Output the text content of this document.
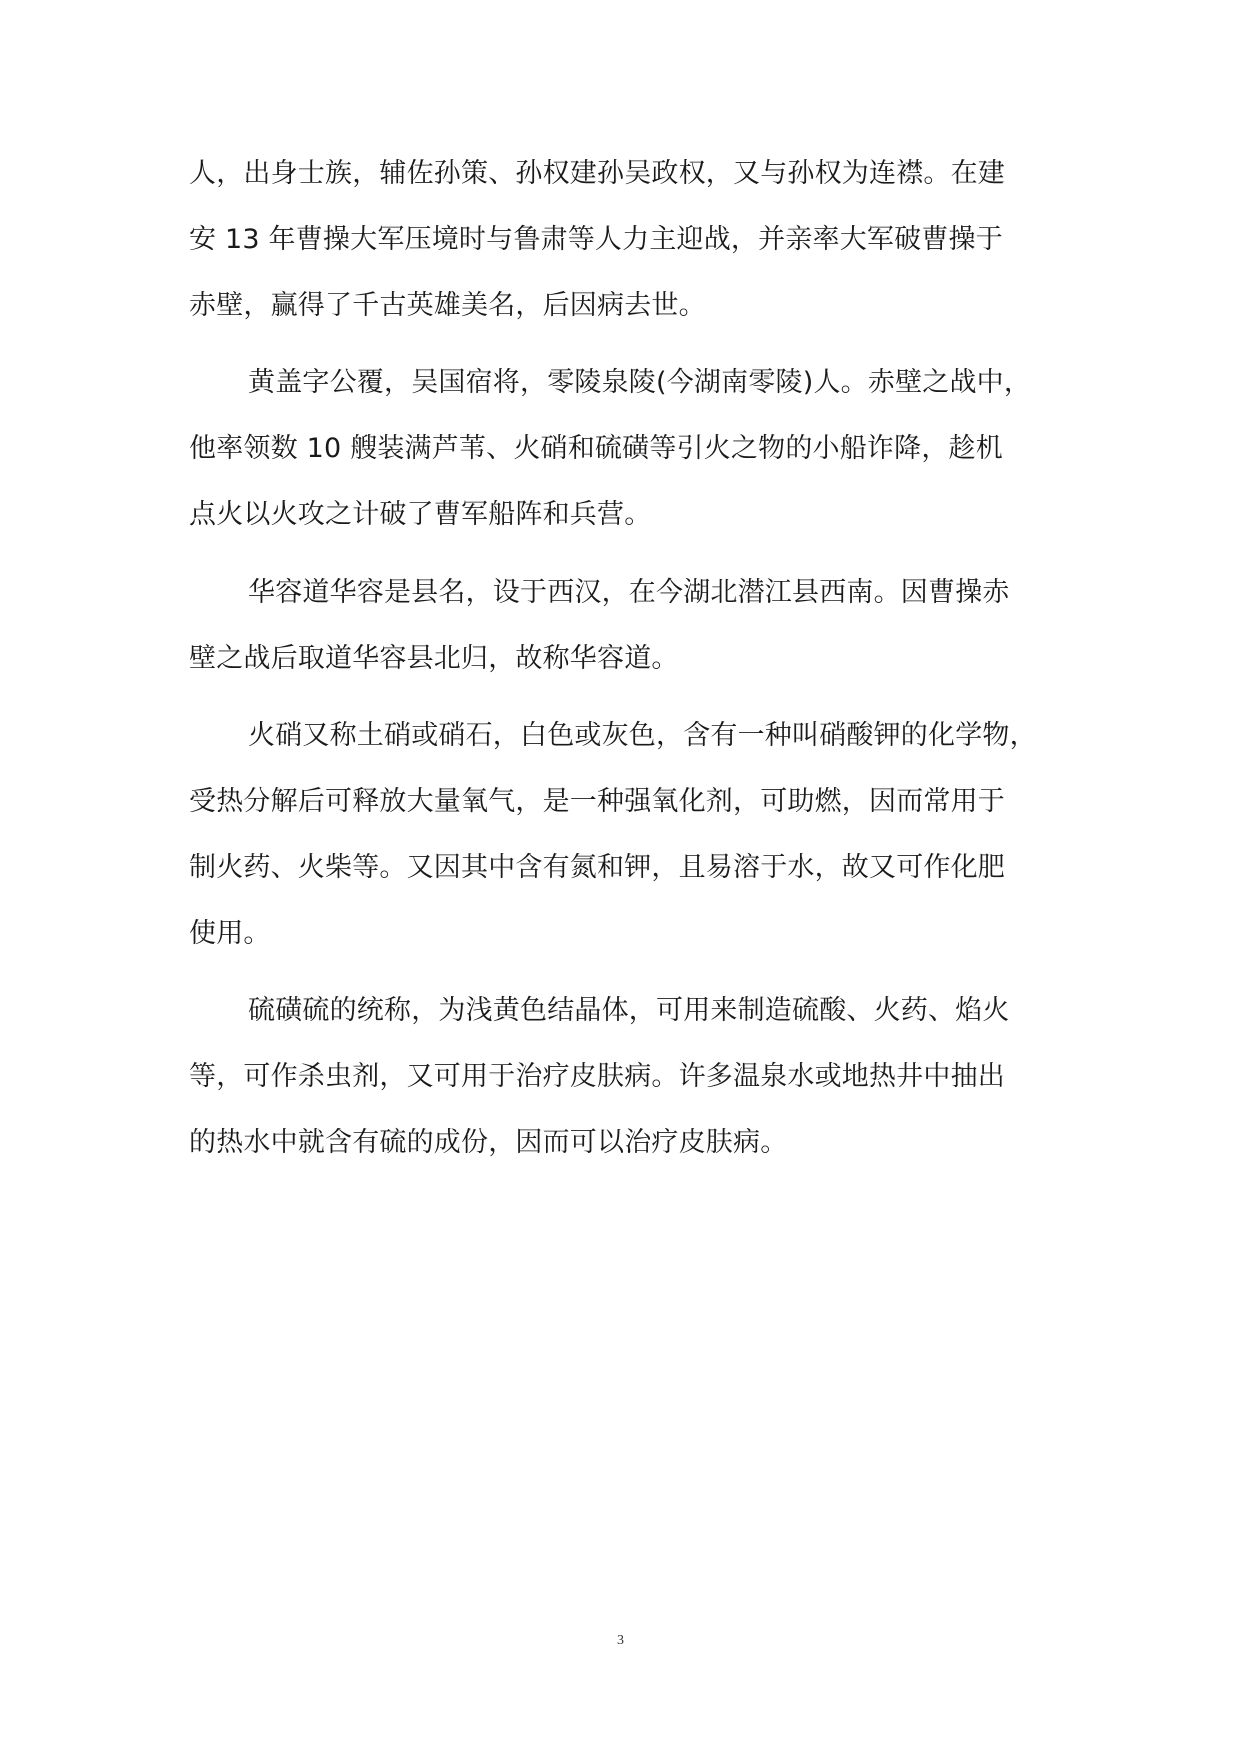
人，出身士族，辅佐孙策、孙权建孙吴政权，又与孙权为连襟。在建
安 13 年曹操大军压境时与鲁肃等人力主迎战，并亲率大军破曹操于
赤壁，赢得了千古英雄美名，后因病去世。
黄盖字公覆，吴国宿将，零陵泉陵(今湖南零陵)人。赤壁之战中，
他率领数 10 艘装满芦苇、火硝和硫磺等引火之物的小船诈降，趁机
点火以火攻之计破了曹军船阵和兵营。
华容道华容是县名，设于西汉，在今湖北潜江县西南。因曹操赤
壁之战后取道华容县北归，故称华容道。
火硝又称土硝或硝石，白色或灰色，含有一种叫硝酸钾的化学物，
受热分解后可释放大量氧气，是一种强氧化剂，可助燃，因而常用于
制火药、火柴等。又因其中含有氮和钾，且易溶于水，故又可作化肥
使用。
硫磺硫的统称，为浅黄色结晶体，可用来制造硫酸、火药、焰火
等，可作杀虫剂，又可用于治疗皮肤病。许多温泉水或地热井中抽出
的热水中就含有硫的成份，因而可以治疗皮肤病。
3
